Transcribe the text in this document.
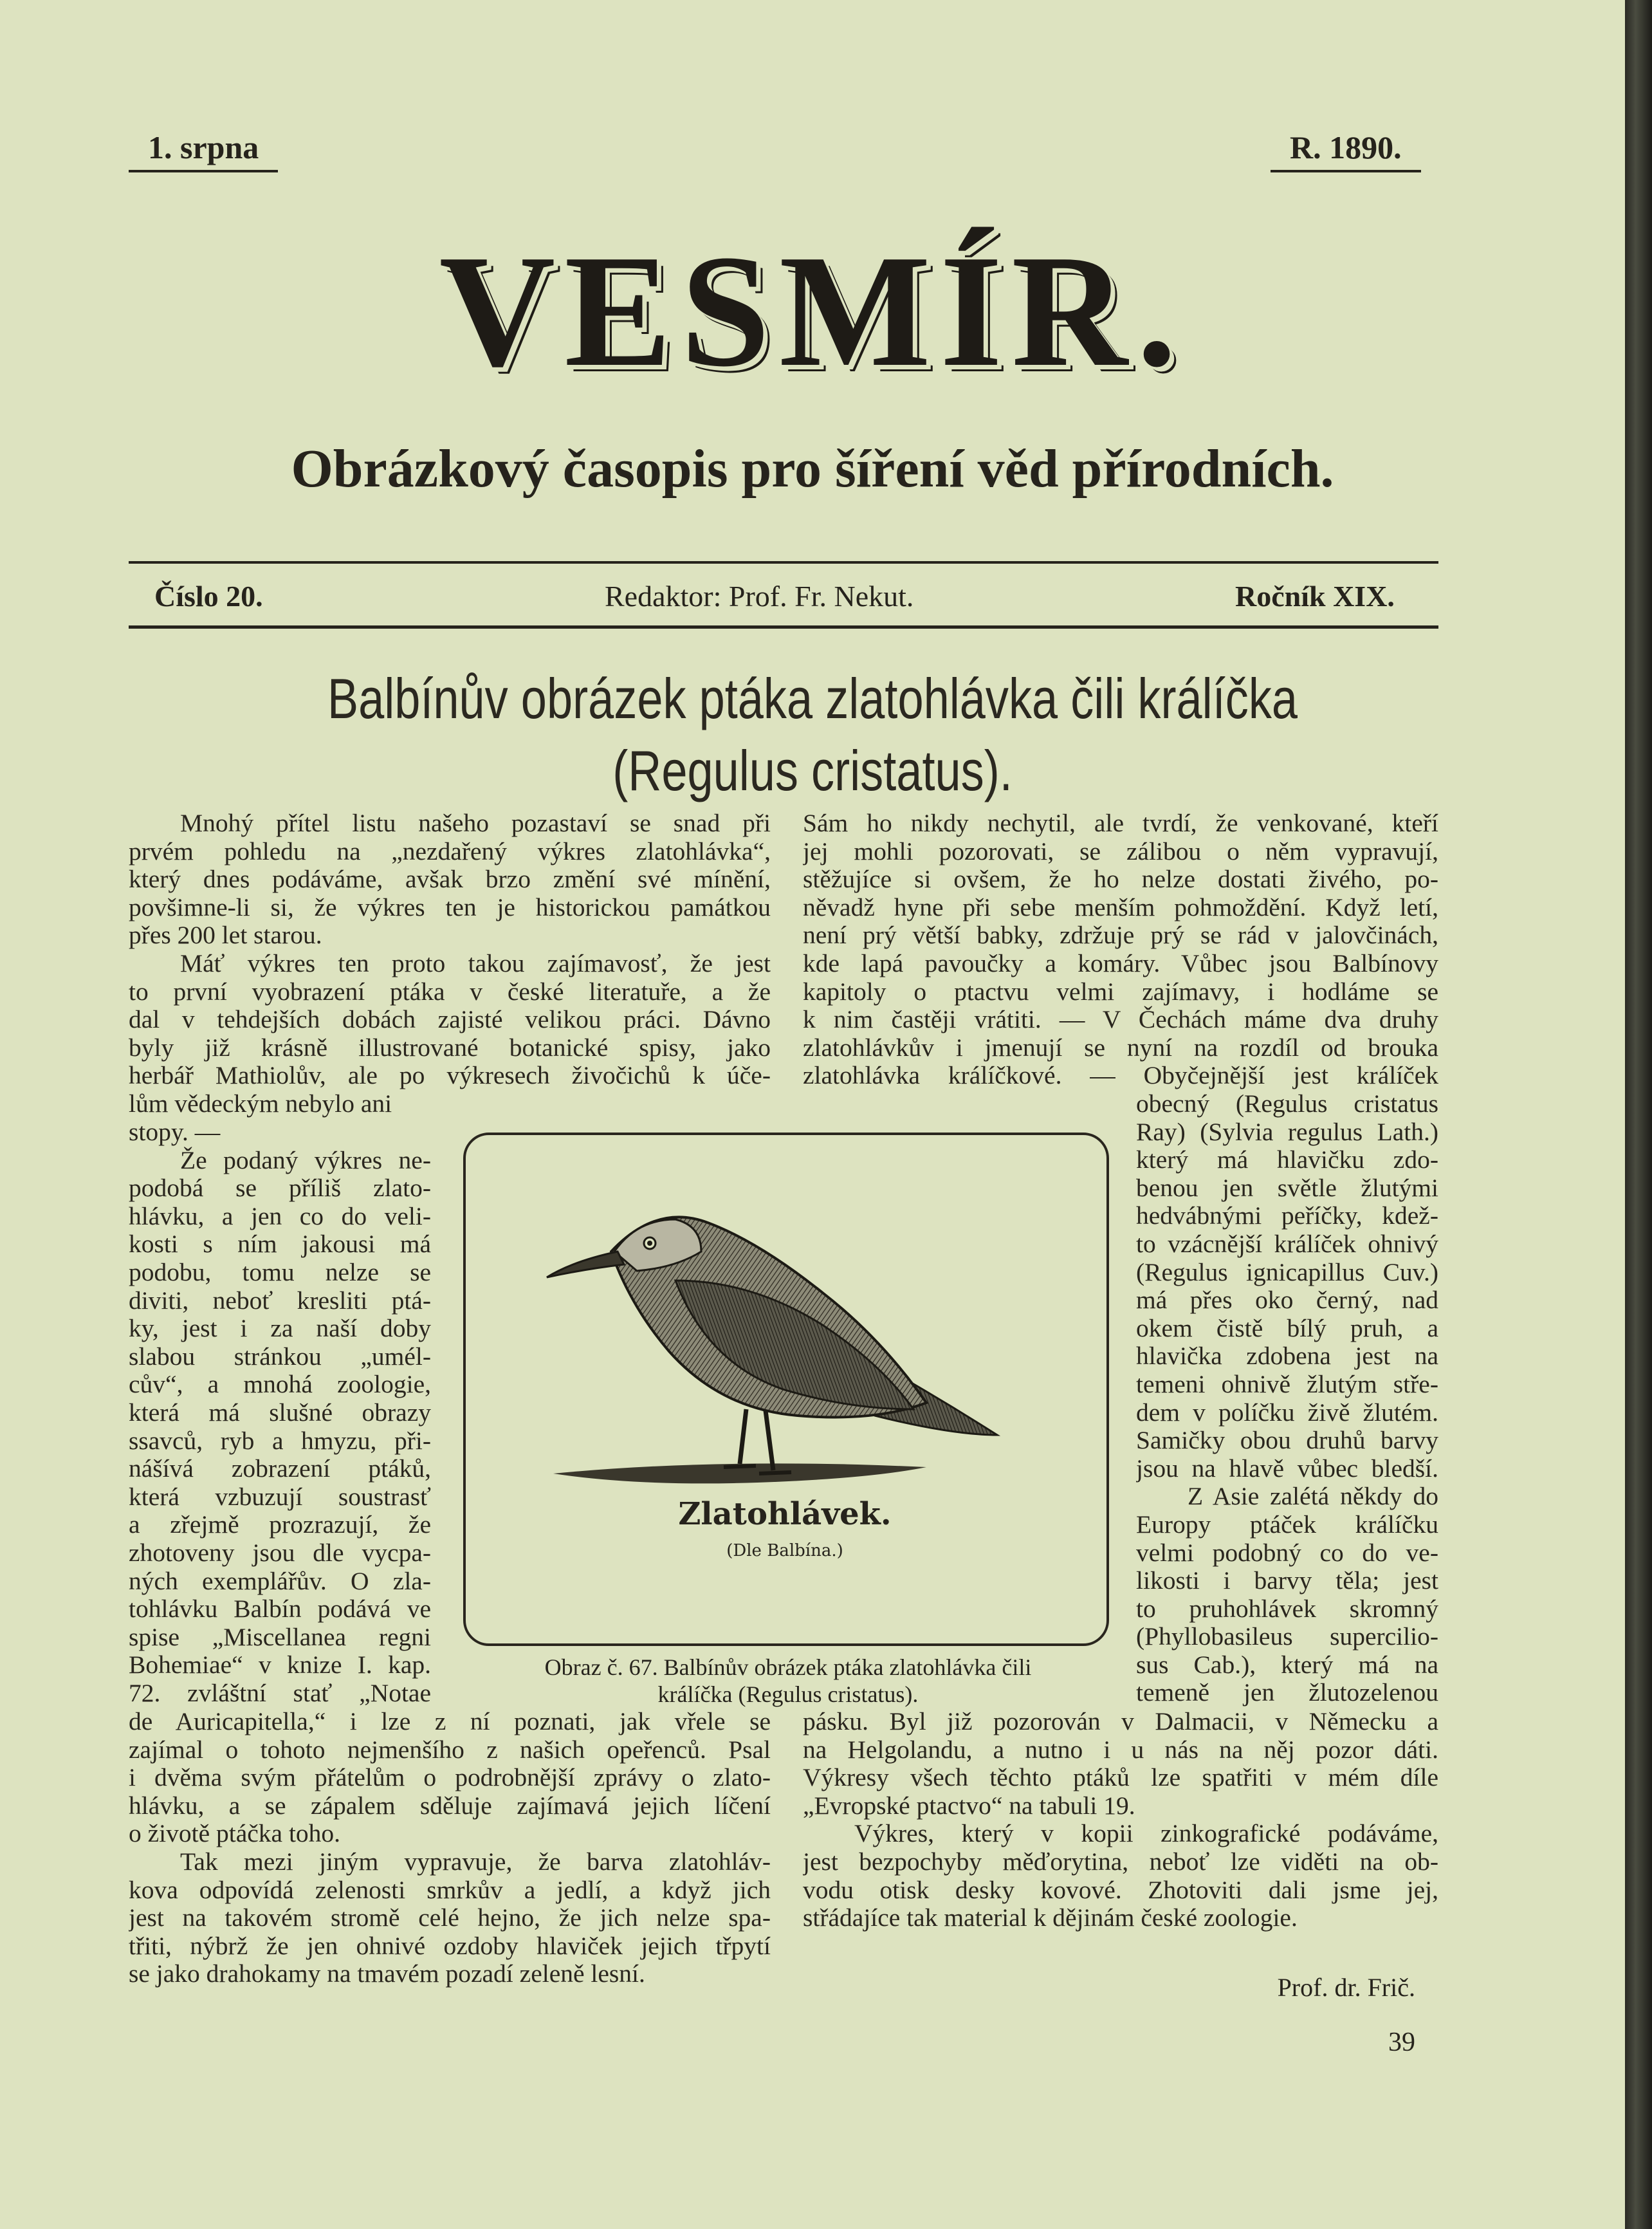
1. srpna	R. 1890.
VESMÍR.
Obrázkový časopis pro šíření věd přírodních.
Číslo 20.	Redaktor: Prof. Fr. Nekut.	Ročník XIX.
Balbínův obrázek ptáka zlatohlávka čili králíčka
(Regulus cristatus).
Mnohý přítel listu našeho pozastaví se snad při
prvém pohledu na „nezdařený výkres zlatohlávka“,
který dnes podáváme, avšak brzo změní své mínění,
povšimne-li si, že výkres ten je historickou památkou
přes 200 let starou.
Máť výkres ten proto takou zajímavosť, že jest
to první vyobrazení ptáka v české literatuře, a že
dal v tehdejších dobách zajisté velikou práci. Dávno
byly již krásně illustrované botanické spisy, jako
herbář Mathiolův, ale po výkresech živočichů k úče-
lům vědeckým nebylo ani
stopy. —
Že podaný výkres ne-
podobá se příliš zlato-
hlávku, a jen co do veli-
kosti s ním jakousi má
podobu, tomu nelze se
diviti, neboť kresliti ptá-
ky, jest i za naší doby
slabou stránkou „umél-
cův“, a mnohá zoologie,
která má slušné obrazy
ssavců, ryb a hmyzu, při-
nášívá zobrazení ptáků,
která vzbuzují soustrasť
a zřejmě prozrazují, že
zhotoveny jsou dle vycpa-
ných exemplářův. O zla-
tohlávku Balbín podává ve
spise „Miscellanea regni
Bohemiae“ v knize I. kap.
72. zvláštní stať „Notae
de Auricapitella,“ i lze z ní poznati, jak vřele se
zajímal o tohoto nejmenšího z našich opeřenců. Psal
i dvěma svým přátelům o podrobnější zprávy o zlato-
hlávku, a se zápalem sděluje zajímavá jejich líčení
o životě ptáčka toho.
Tak mezi jiným vypravuje, že barva zlatohláv-
kova odpovídá zelenosti smrkův a jedlí, a když jich
jest na takovém stromě celé hejno, že jich nelze spa-
třiti, nýbrž že jen ohnivé ozdoby hlaviček jejich třpytí
se jako drahokamy na tmavém pozadí zeleně lesní.
Sám ho nikdy nechytil, ale tvrdí, že venkované, kteří
jej mohli pozorovati, se zálibou o něm vypravují,
stěžujíce si ovšem, že ho nelze dostati živého, po-
něvadž hyne při sebe menším pohmoždění. Když letí,
není prý větší babky, zdržuje prý se rád v jalovčinách,
kde lapá pavoučky a komáry. Vůbec jsou Balbínovy
kapitoly o ptactvu velmi zajímavy, i hodláme se
k nim častěji vrátiti. — V Čechách máme dva druhy
zlatohlávkův i jmenují se nyní na rozdíl od brouka
zlatohlávka králíčkové. — Obyčejnější jest králíček
obecný (Regulus cristatus
Ray) (Sylvia regulus Lath.)
který má hlavičku zdo-
benou jen světle žlutými
hedvábnými peříčky, kdež-
to vzácnější králíček ohnivý
(Regulus ignicapillus Cuv.)
má přes oko černý, nad
okem čistě bílý pruh, a
hlavička zdobena jest na
temeni ohnivě žlutým stře-
dem v políčku živě žlutém.
Samičky obou druhů barvy
jsou na hlavě vůbec bledší.
Z Asie zalétá někdy do
Europy ptáček králíčku
velmi podobný co do ve-
likosti i barvy těla; jest
to pruhohlávek skromný
(Phyllobasileus supercilio-
sus Cab.), který má na
temeně jen žlutozelenou
pásku. Byl již pozorován v Dalmacii, v Německu a
na Helgolandu, a nutno i u nás na něj pozor dáti.
Výkresy všech těchto ptáků lze spatřiti v mém díle
„Evropské ptactvo“ na tabuli 19.
Výkres, který v kopii zinkografické podáváme,
jest bezpochyby měďorytina, neboť lze viděti na ob-
vodu otisk desky kovové. Zhotoviti dali jsme jej,
střádajíce tak material k dějinám české zoologie.
Zlatohlávek.
(Dle Balbína.)
Obraz č. 67. Balbínův obrázek ptáka zlatohlávka čili
králíčka (Regulus cristatus).
Prof. dr. Frič.
39
